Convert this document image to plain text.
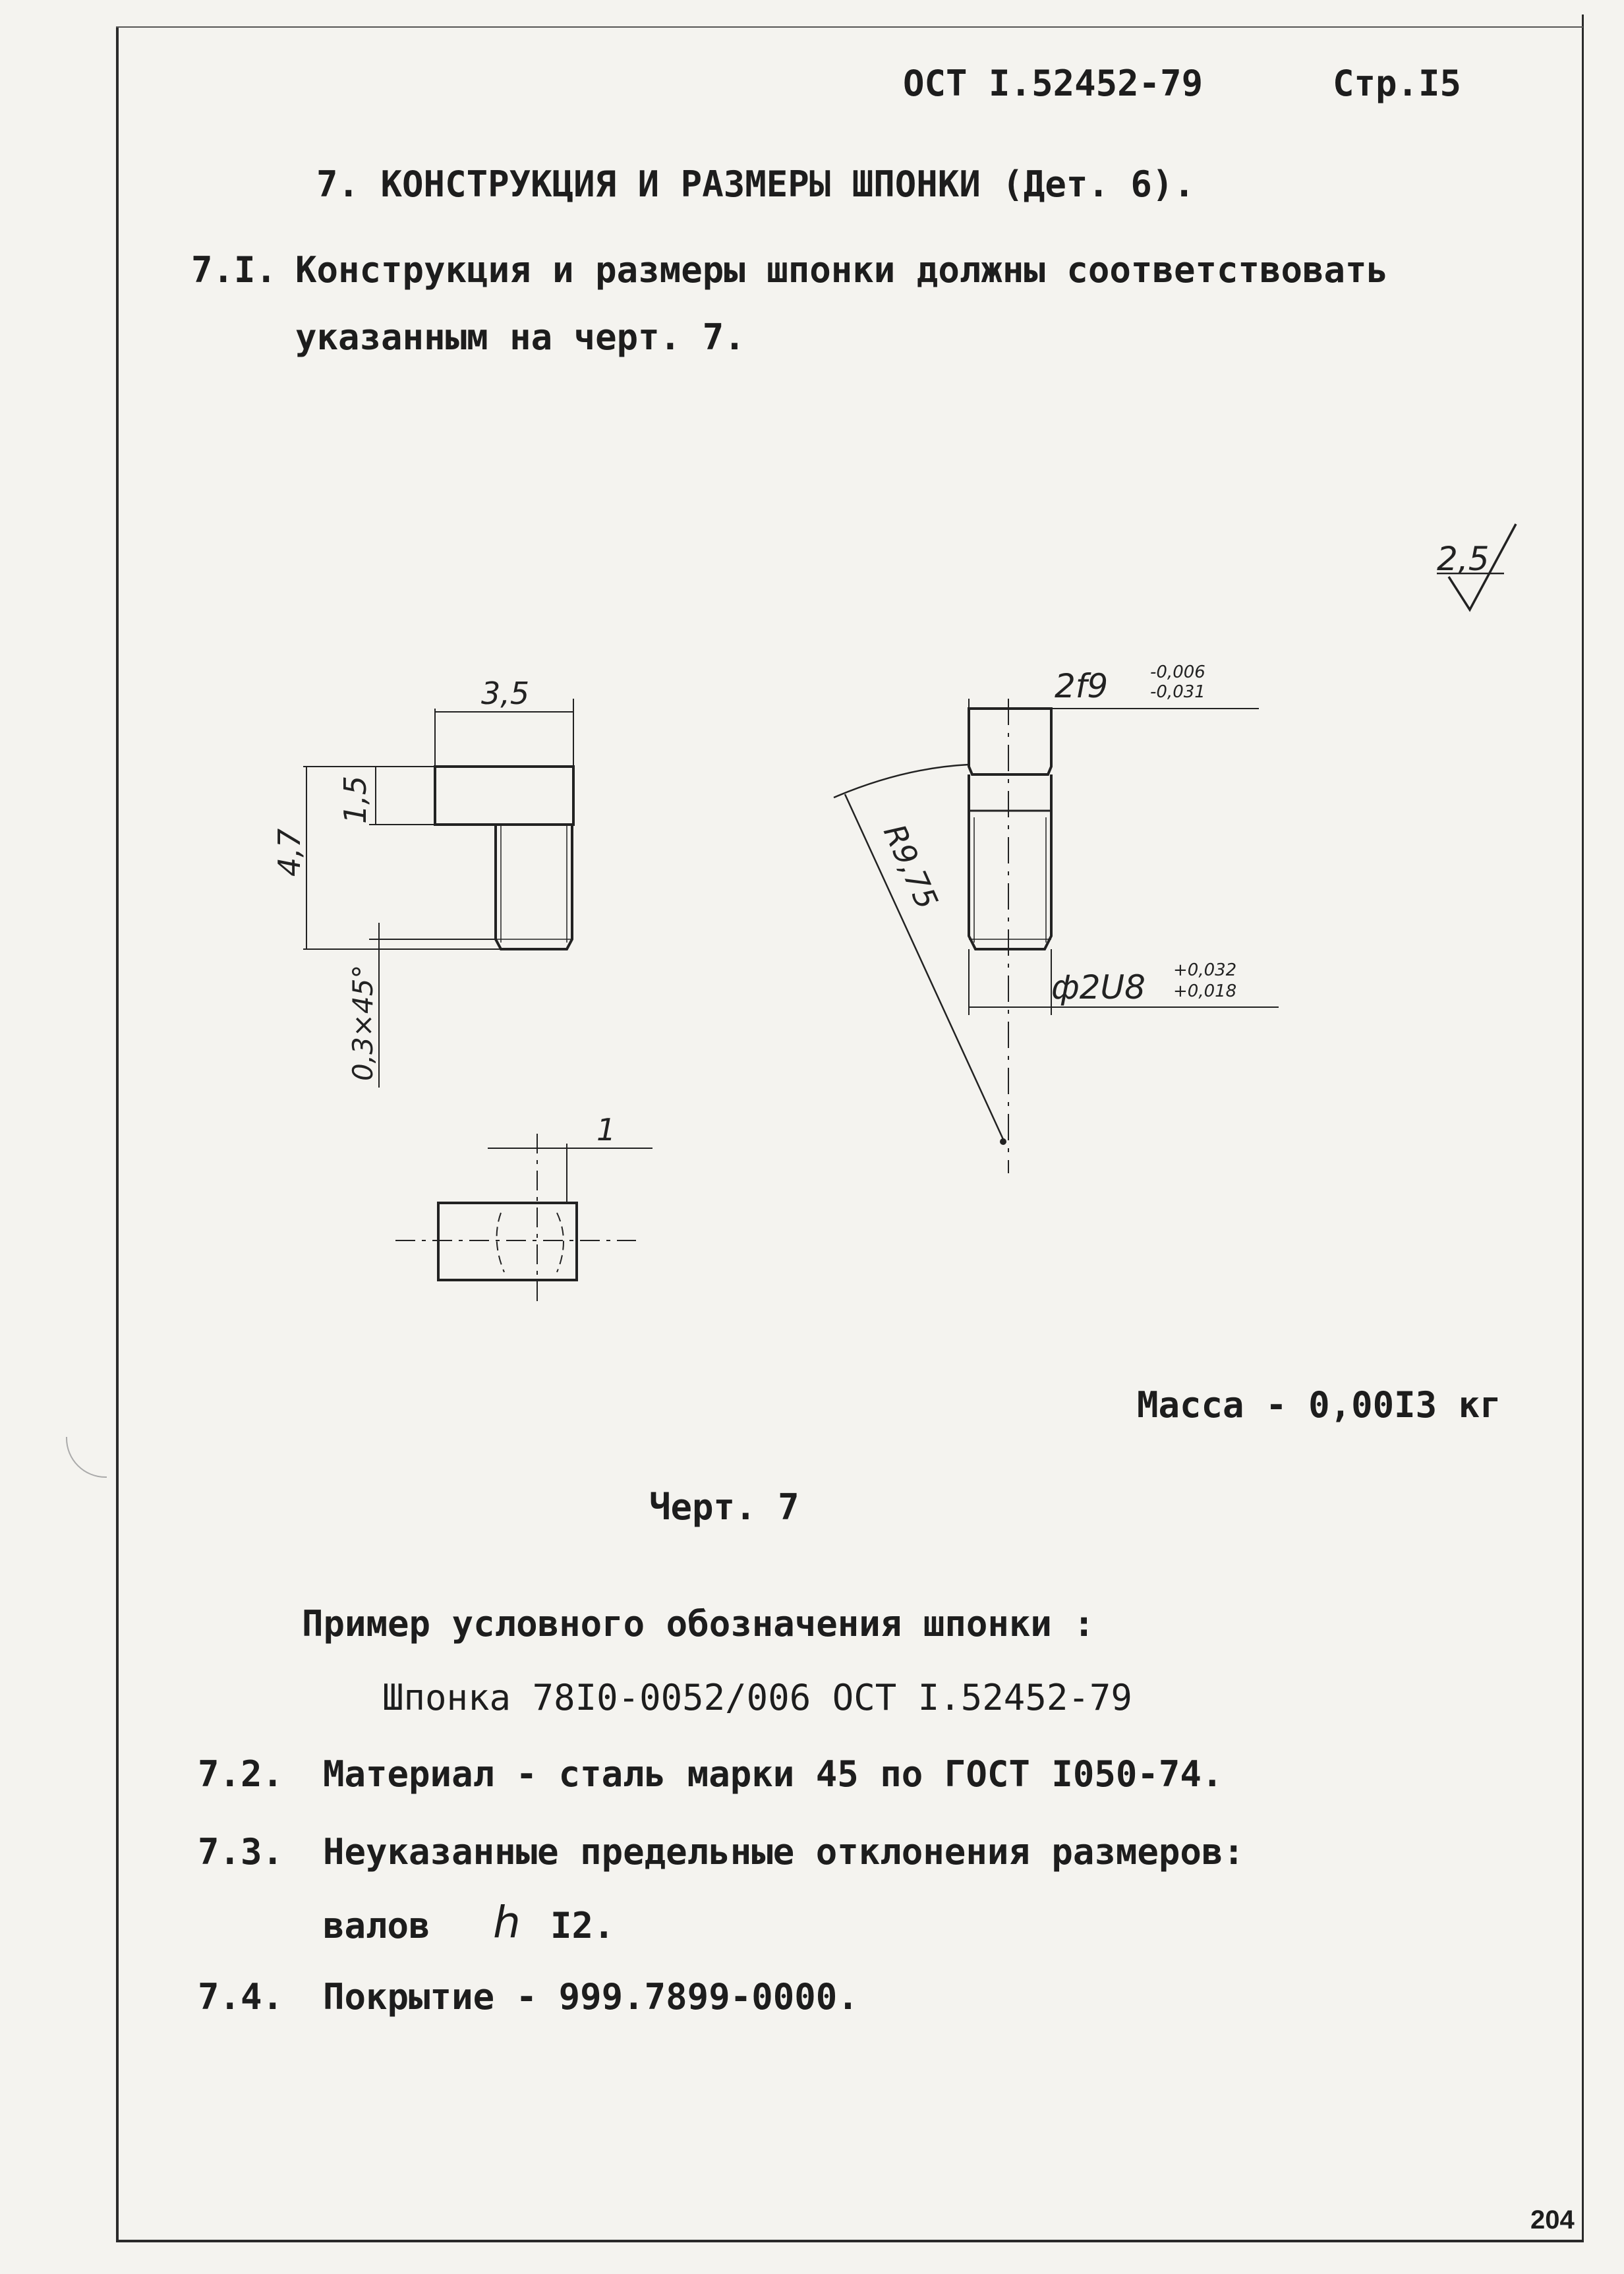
ОСТ I.52452-79	Стр.I5
7. КОНСТРУКЦИЯ И РАЗМЕРЫ ШПОНКИ (Дет. 6).
7.I. Конструкция и размеры шпонки должны соответствовать
указанным на черт. 7.
3,5
4,7
1,5
0,3×45°
2f9 -0,006
-0,031
ф2U8 +0,032
+0,018
R9,75
1
2,5
Масса - 0,00I3 кг
Черт. 7
Пример условного обозначения шпонки :
Шпонка 78I0-0052/006 ОСТ I.52452-79
7.2. Материал - сталь марки 45 по ГОСТ I050-74.
7.3. Неуказанные предельные отклонения размеров:
валов h I2.
7.4. Покрытие - 999.7899-0000.
204
